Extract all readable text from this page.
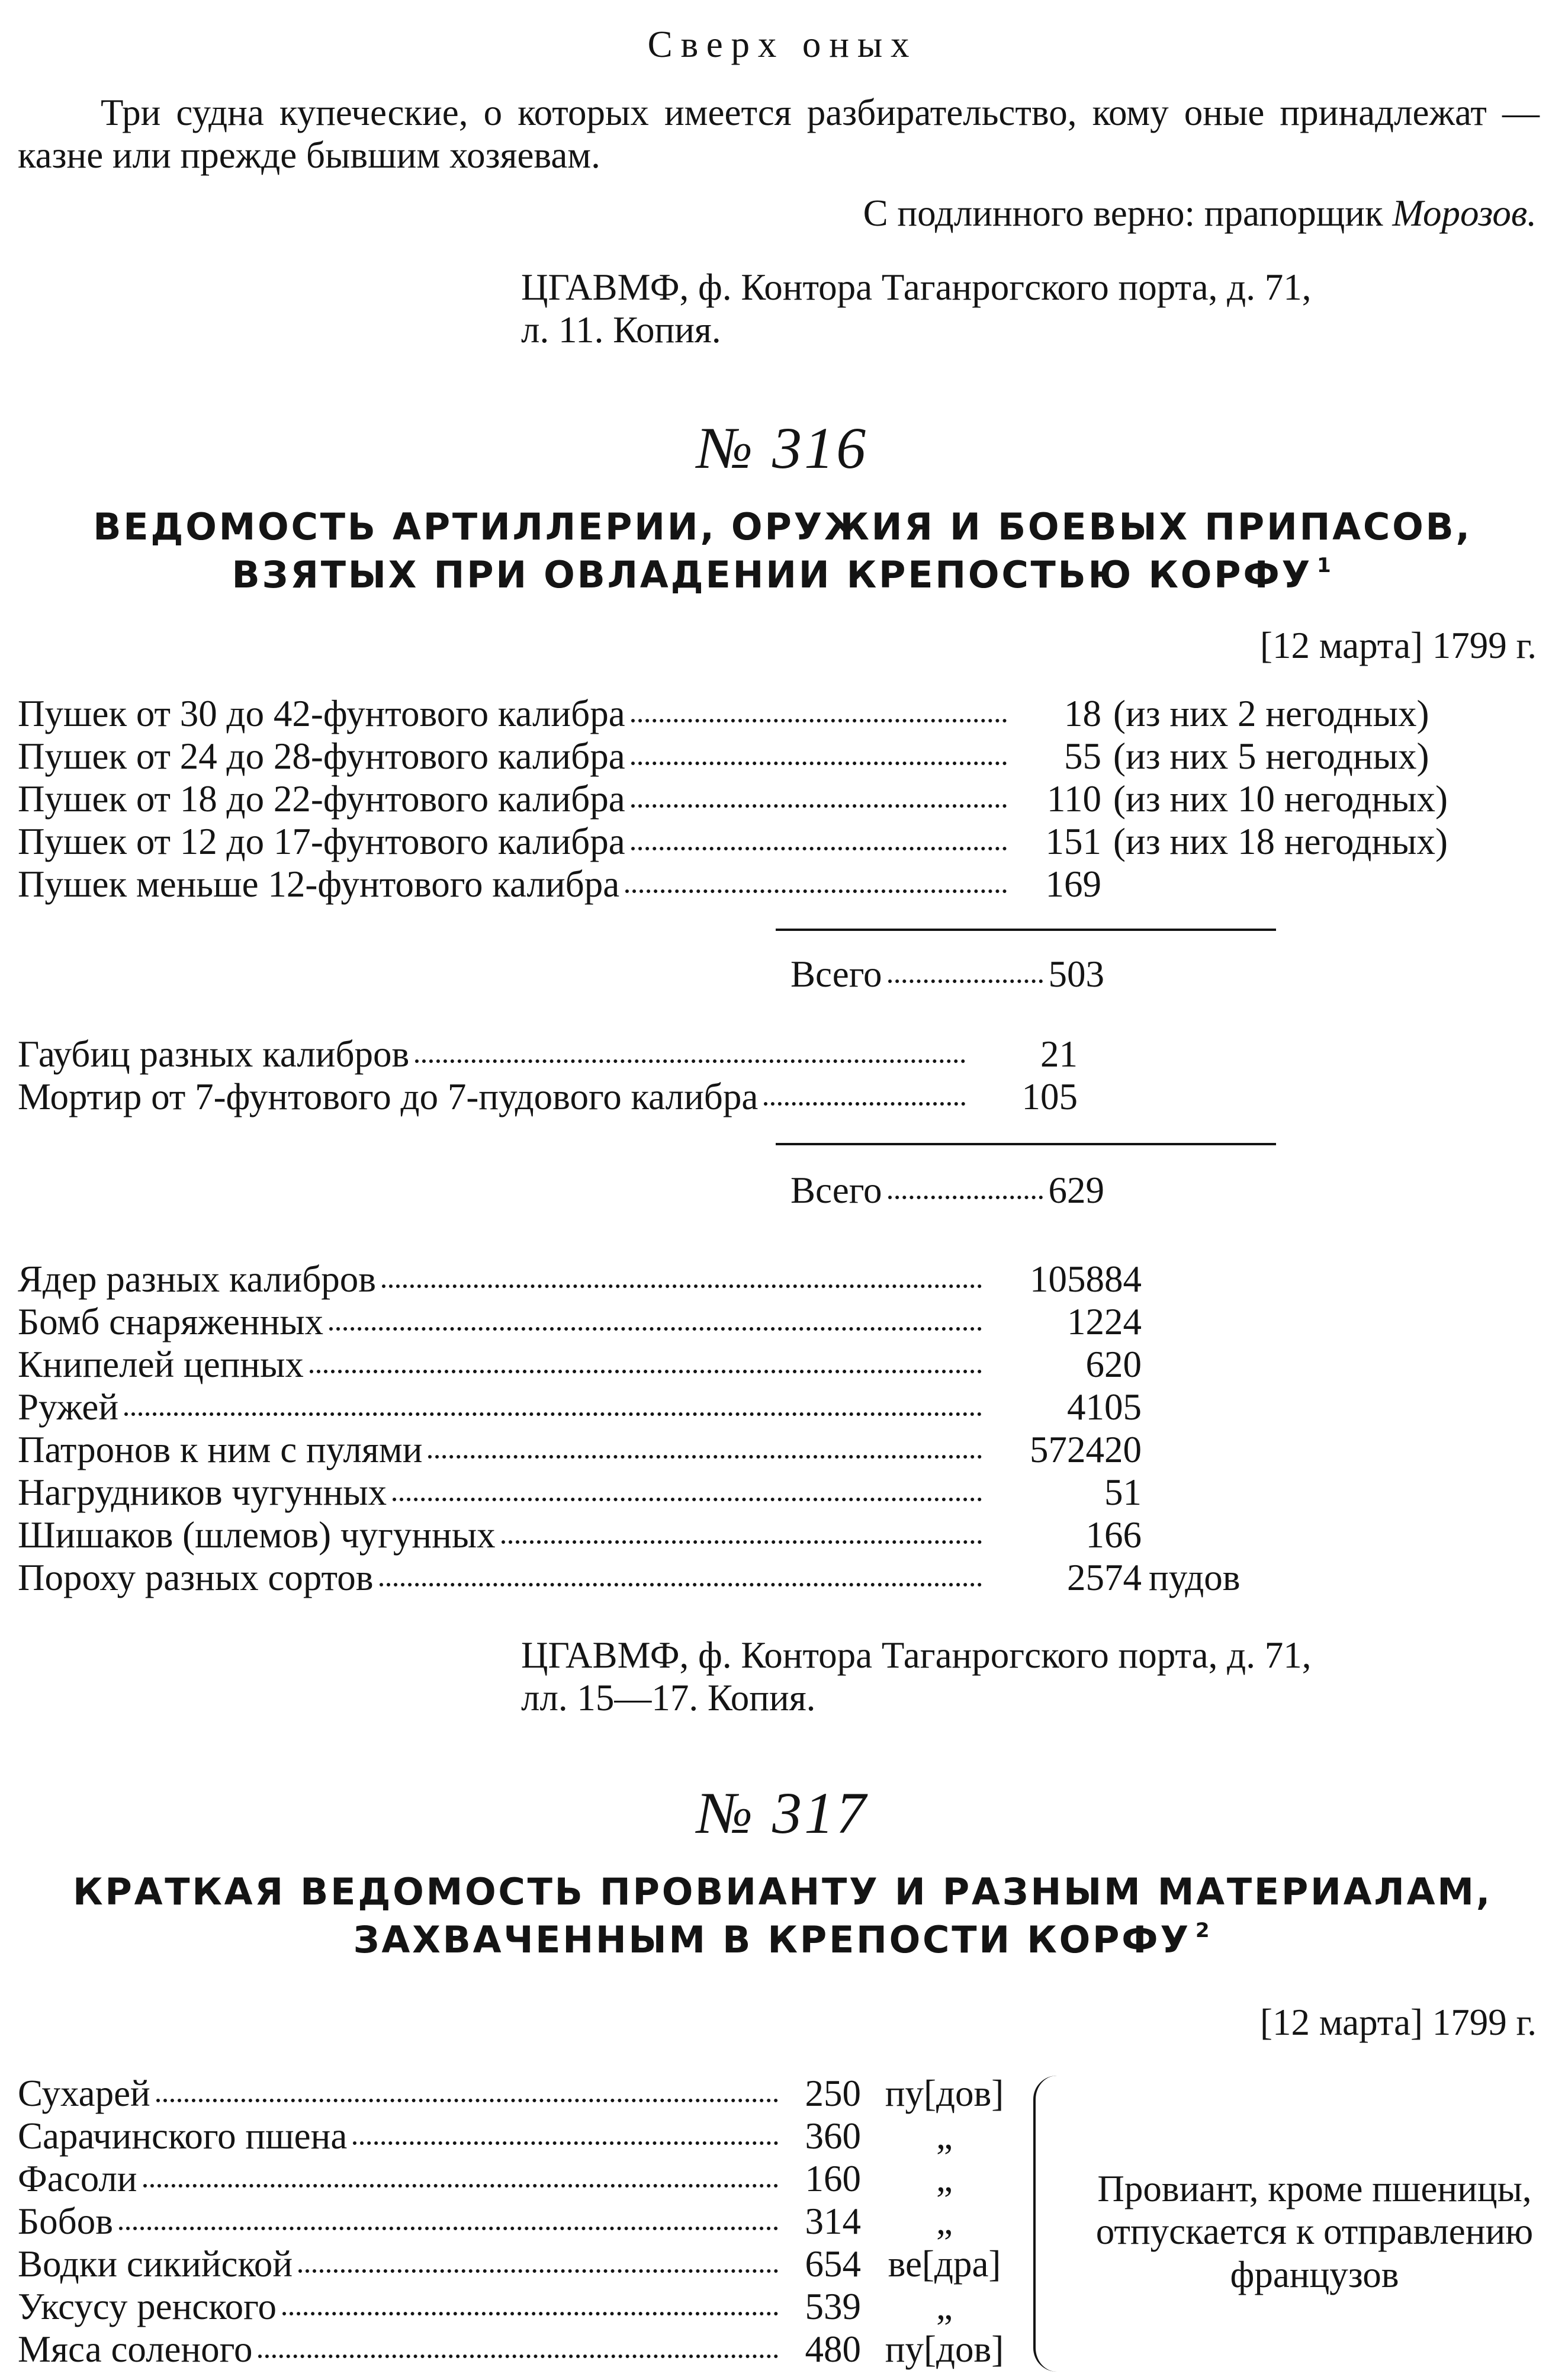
Сверх оных
Три судна купеческие, о которых имеется разбирательство, кому оные принадлежат — казне или прежде бывшим хозяевам.
С подлинного верно: прапорщик Морозов.
ЦГАВМФ, ф. Контора Таганрогского порта, д. 71,
л. 11. Копия.
№ 316
ВЕДОМОСТЬ АРТИЛЛЕРИИ, ОРУЖИЯ И БОЕВЫХ ПРИПАСОВ,
ВЗЯТЫХ ПРИ ОВЛАДЕНИИ КРЕПОСТЬЮ КОРФУ $^1$
[12 марта] 1799 г.
Пушек от 30 до 42-фунтового калибра	18 (из них 2 негодных)
Пушек от 24 до 28-фунтового калибра	55 (из них 5 негодных)
Пушек от 18 до 22-фунтового калибра	110 (из них 10 негодных)
Пушек от 12 до 17-фунтового калибра	151 (из них 18 негодных)
Пушек меньше 12-фунтового калибра	169
Всего	503
Гаубиц разных калибров	21
Мортир от 7-фунтового до 7-пудового калибра	105
Всего	629
Ядер разных калибров	105884
Бомб снаряженных	1224
Книпелей цепных	620
Ружей	4105
Патронов к ним с пулями	572420
Нагрудников чугунных	51
Шишаков (шлемов) чугунных	166
Пороху разных сортов	2574 пудов
ЦГАВМФ, ф. Контора Таганрогского порта, д. 71,
лл. 15—17. Копия.
№ 317
КРАТКАЯ ВЕДОМОСТЬ ПРОВИАНТУ И РАЗНЫМ МАТЕРИАЛАМ,
ЗАХВАЧЕННЫМ В КРЕПОСТИ КОРФУ $^2$
[12 марта] 1799 г.
Сухарей	250 пу[дов]
Сарачинского пшена	360	„
Фасоли	160	„
Бобов	314	„
Водки сикийской	654 ве[дра]
Уксусу ренского	539	„
Мяса соленого	480 пу[дов]
Провиант, кроме пшеницы, отпускается к отправлению французов
